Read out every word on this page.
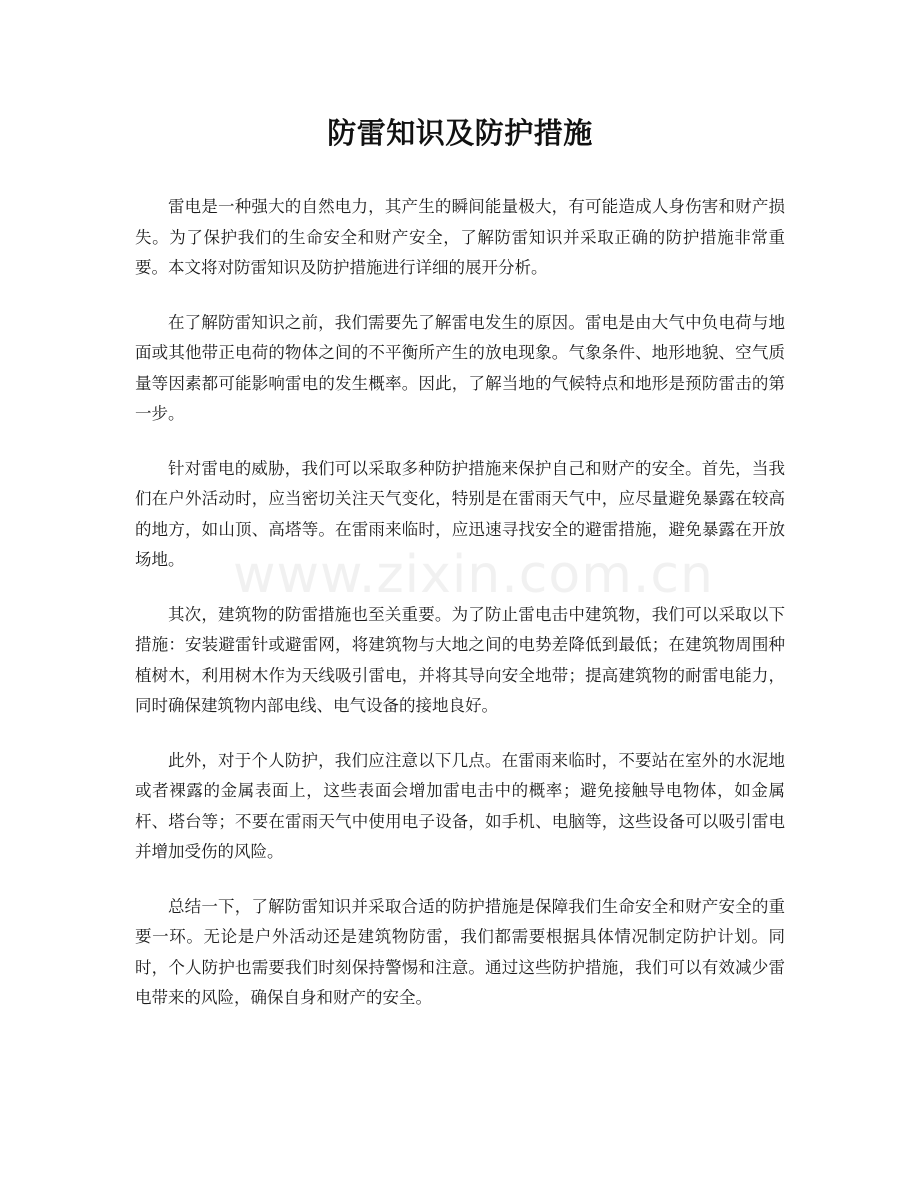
防雷知识及防护措施

雷电是一种强大的自然电力，其产生的瞬间能量极大，有可能造成人身伤害和财产损失。为了保护我们的生命安全和财产安全，了解防雷知识并采取正确的防护措施非常重要。本文将对防雷知识及防护措施进行详细的展开分析。

在了解防雷知识之前，我们需要先了解雷电发生的原因。雷电是由大气中负电荷与地面或其他带正电荷的物体之间的不平衡所产生的放电现象。气象条件、地形地貌、空气质量等因素都可能影响雷电的发生概率。因此，了解当地的气候特点和地形是预防雷击的第一步。

针对雷电的威胁，我们可以采取多种防护措施来保护自己和财产的安全。首先，当我们在户外活动时，应当密切关注天气变化，特别是在雷雨天气中，应尽量避免暴露在较高的地方，如山顶、高塔等。在雷雨来临时，应迅速寻找安全的避雷措施，避免暴露在开放场地。

其次，建筑物的防雷措施也至关重要。为了防止雷电击中建筑物，我们可以采取以下措施：安装避雷针或避雷网，将建筑物与大地之间的电势差降低到最低；在建筑物周围种植树木，利用树木作为天线吸引雷电，并将其导向安全地带；提高建筑物的耐雷电能力，同时确保建筑物内部电线、电气设备的接地良好。

此外，对于个人防护，我们应注意以下几点。在雷雨来临时，不要站在室外的水泥地或者裸露的金属表面上，这些表面会增加雷电击中的概率；避免接触导电物体，如金属杆、塔台等；不要在雷雨天气中使用电子设备，如手机、电脑等，这些设备可以吸引雷电并增加受伤的风险。

总结一下，了解防雷知识并采取合适的防护措施是保障我们生命安全和财产安全的重要一环。无论是户外活动还是建筑物防雷，我们都需要根据具体情况制定防护计划。同时，个人防护也需要我们时刻保持警惕和注意。通过这些防护措施，我们可以有效减少雷电带来的风险，确保自身和财产的安全。

www.zixin.com.cn
